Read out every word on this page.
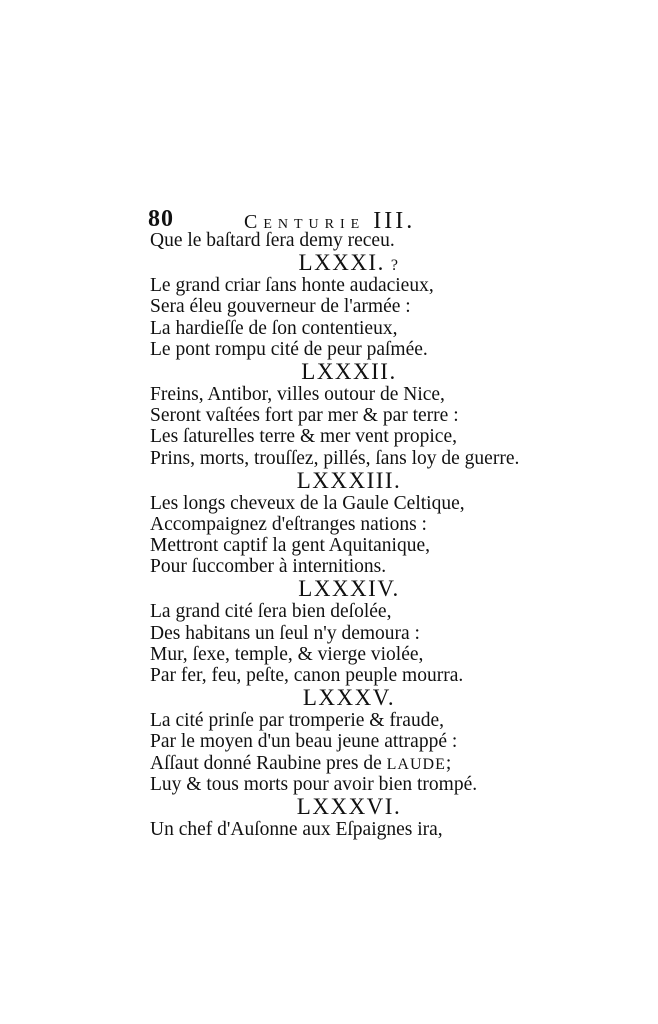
80	Centurie III.
Que le baſtard ſera demy receu.
LXXXI. ?
Le grand criar ſans honte audacieux,
Sera éleu gouverneur de l'armée :
La hardieſſe de ſon contentieux,
Le pont rompu cité de peur paſmée.
LXXXII.
Freins, Antibor, villes outour de Nice,
Seront vaſtées fort par mer & par terre :
Les ſaturelles terre & mer vent propice,
Prins, morts, trouſſez, pillés, ſans loy de guerre.
LXXXIII.
Les longs cheveux de la Gaule Celtique,
Accompaignez d'eſtranges nations :
Mettront captif la gent Aquitanique,
Pour ſuccomber à internitions.
LXXXIV.
La grand cité ſera bien deſolée,
Des habitans un ſeul n'y demoura :
Mur, ſexe, temple, & vierge violée,
Par fer, feu, peſte, canon peuple mourra.
LXXXV.
La cité prinſe par tromperie & fraude,
Par le moyen d'un beau jeune attrappé :
Aſſaut donné Raubine pres de LAUDE;
Luy & tous morts pour avoir bien trompé.
LXXXVI.
Un chef d'Auſonne aux Eſpaignes ira,
